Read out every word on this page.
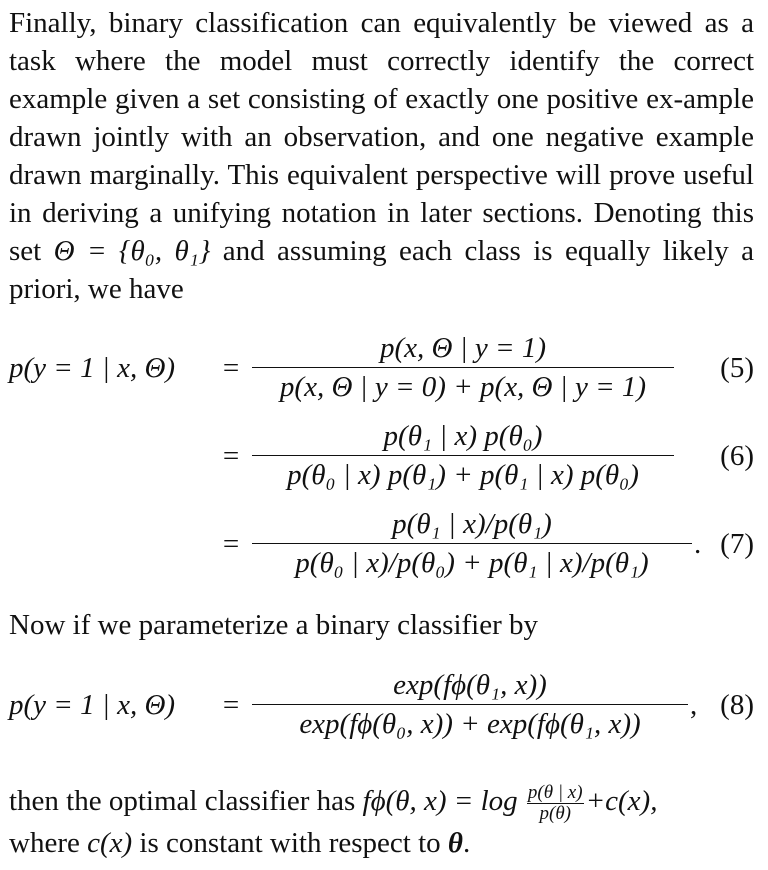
Finally, binary classification can equivalently be viewed as a task where the model must correctly identify the correct example given a set consisting of exactly one positive ex-ample drawn jointly with an observation, and one negative example drawn marginally. This equivalent perspective will prove useful in deriving a unifying notation in later sections. Denoting this set Θ = {θ₀, θ₁} and assuming each class is equally likely a priori, we have

p(y = 1 | x, Θ) =
p(x, Θ | y = 1)
p(x, Θ | y = 0) + p(x, Θ | y = 1)
(5)
=
p(θ₁ | x) p(θ₀)
p(θ₀ | x) p(θ₁) + p(θ₁ | x) p(θ₀)
(6)
=
p(θ₁ | x)/p(θ₁)
p(θ₀ | x)/p(θ₀) + p(θ₁ | x)/p(θ₁)
. (7)

Now if we parameterize a binary classifier by

p(y = 1 | x, Θ) =
exp(fϕ(θ₁, x))
exp(fϕ(θ₀, x)) + exp(fϕ(θ₁, x))
, (8)
then the optimal classifier has fϕ(θ, $x) = \log \frac{p(\theta | x)}{p(\theta)} +c(x)$,
where c(x) is constant with respect to θ.
